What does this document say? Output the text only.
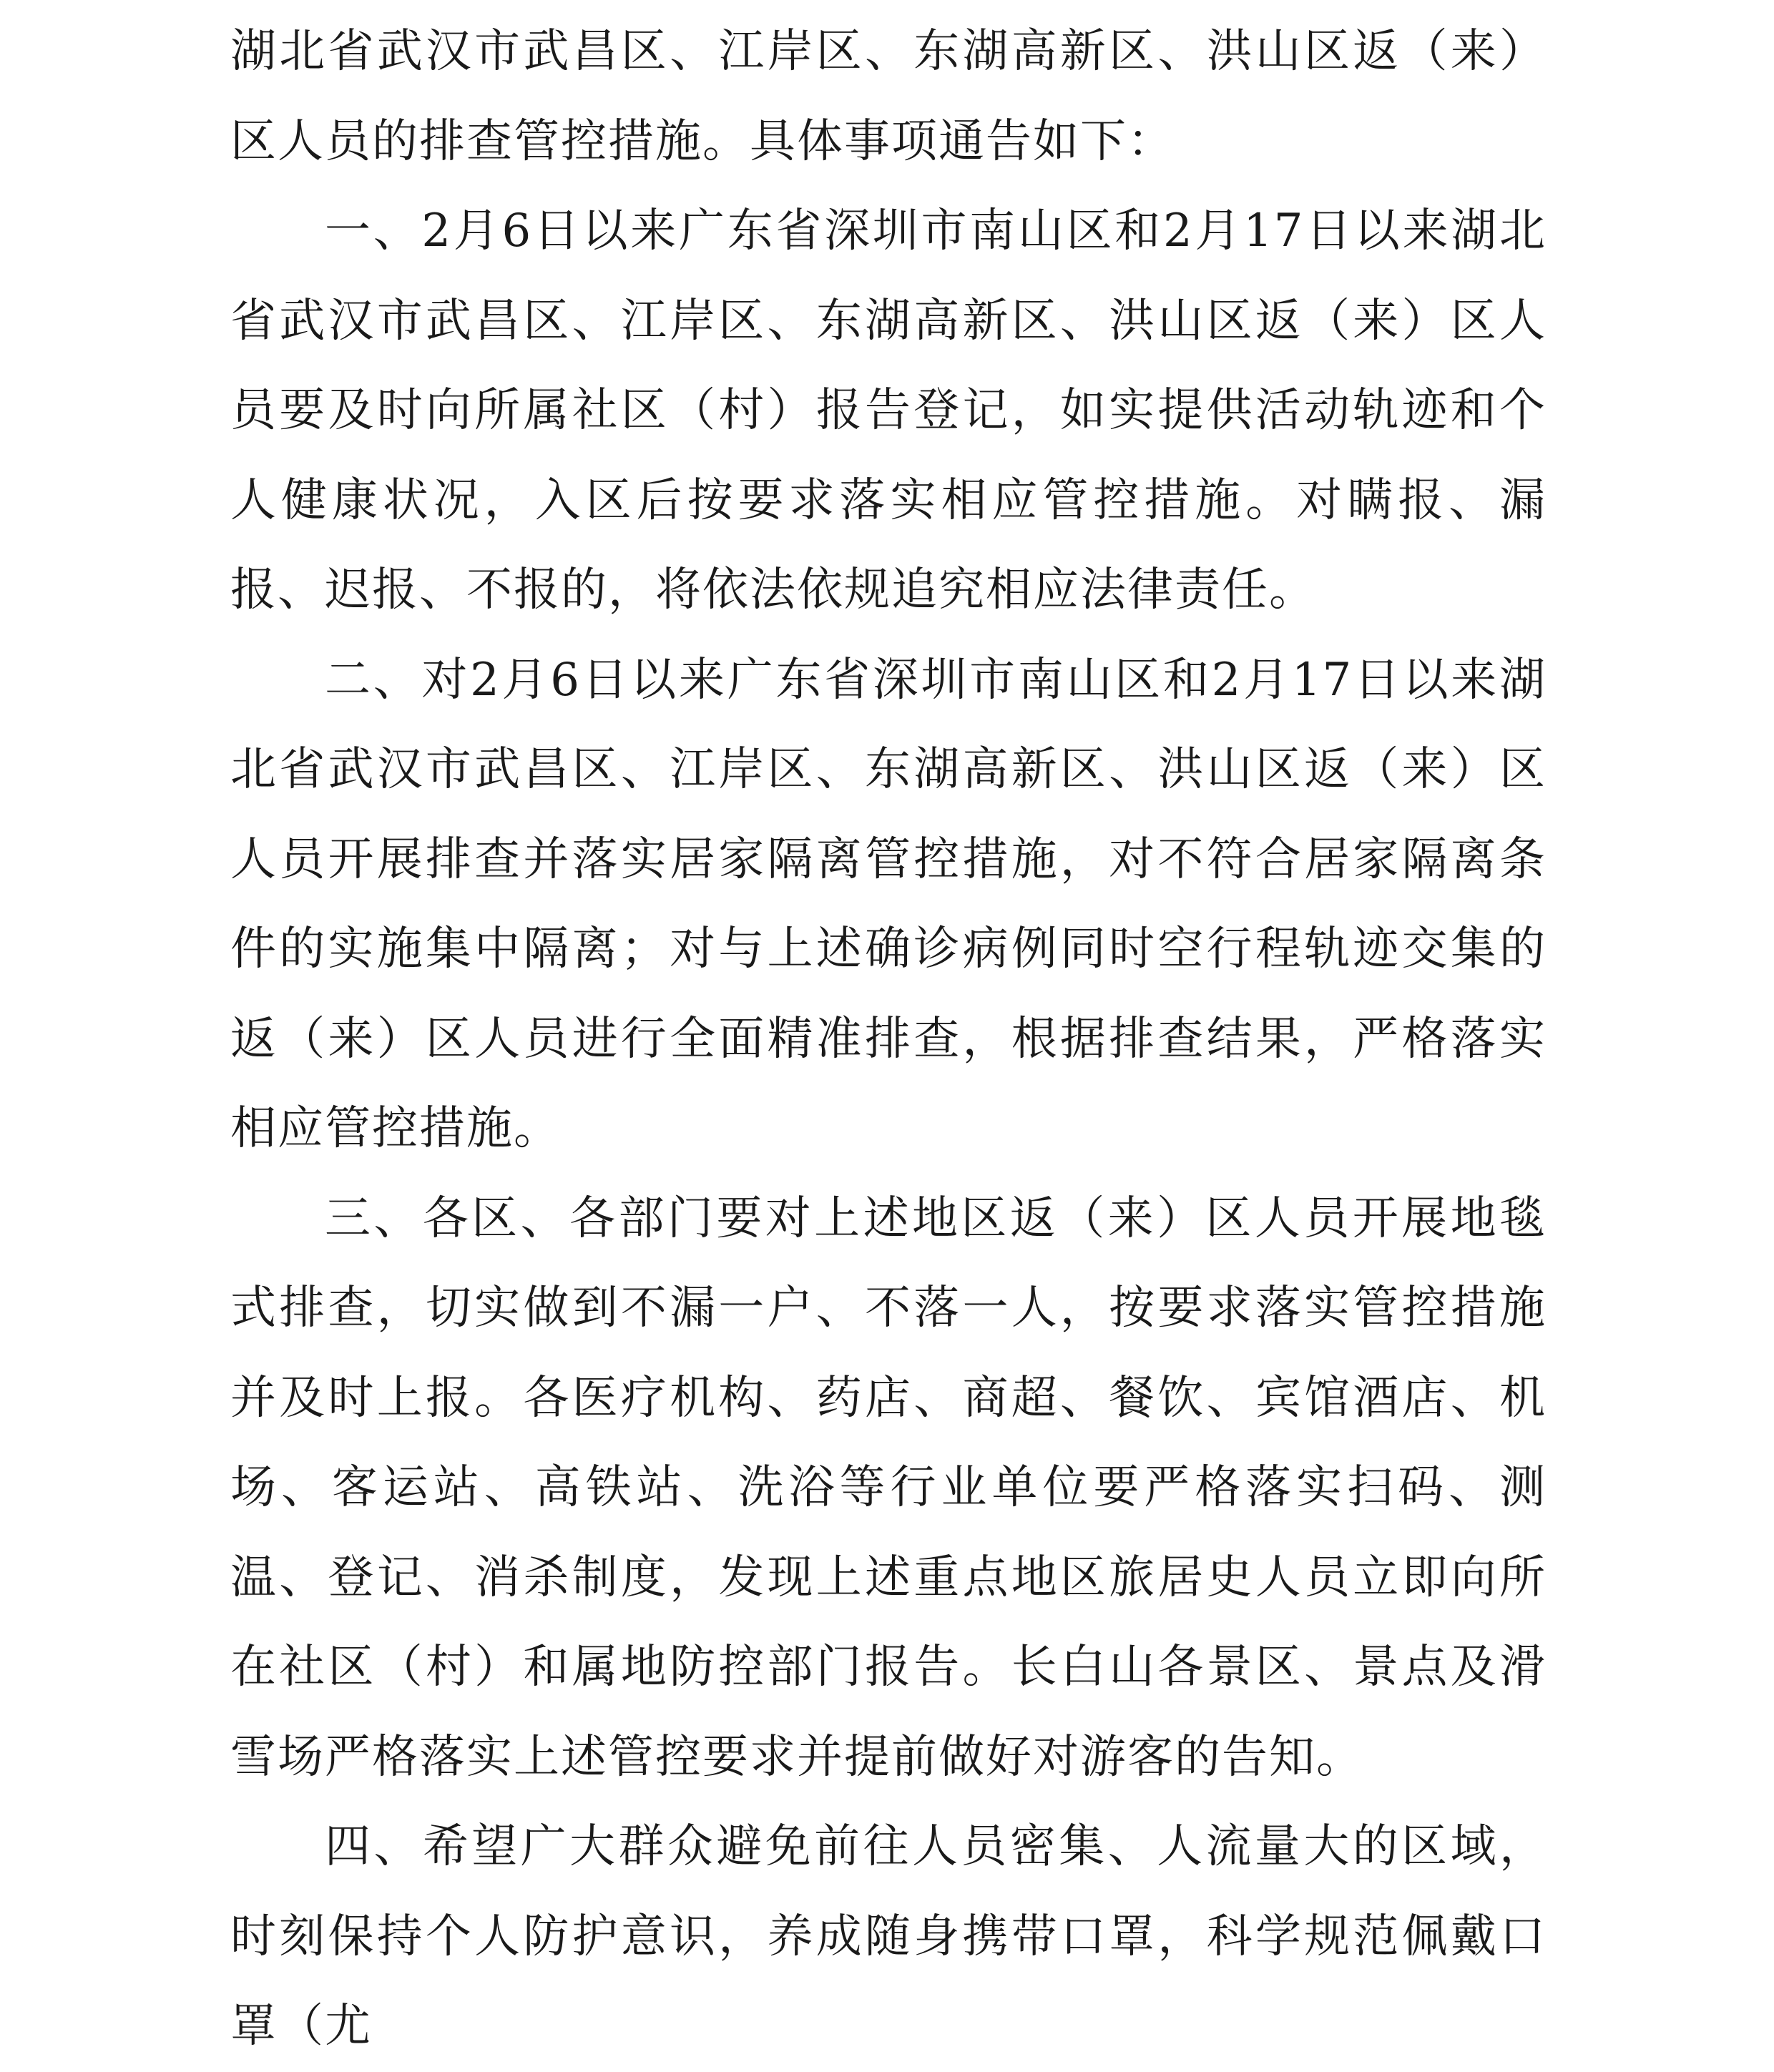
湖北省武汉市武昌区、江岸区、东湖高新区、洪山区返（来）区人员的排查管控措施。具体事项通告如下：

一、2月6日以来广东省深圳市南山区和2月17日以来湖北省武汉市武昌区、江岸区、东湖高新区、洪山区返（来）区人员要及时向所属社区（村）报告登记，如实提供活动轨迹和个人健康状况，入区后按要求落实相应管控措施。对瞒报、漏报、迟报、不报的，将依法依规追究相应法律责任。

二、对2月6日以来广东省深圳市南山区和2月17日以来湖北省武汉市武昌区、江岸区、东湖高新区、洪山区返（来）区人员开展排查并落实居家隔离管控措施，对不符合居家隔离条件的实施集中隔离；对与上述确诊病例同时空行程轨迹交集的返（来）区人员进行全面精准排查，根据排查结果，严格落实相应管控措施。

三、各区、各部门要对上述地区返（来）区人员开展地毯式排查，切实做到不漏一户、不落一人，按要求落实管控措施并及时上报。各医疗机构、药店、商超、餐饮、宾馆酒店、机场、客运站、高铁站、洗浴等行业单位要严格落实扫码、测温、登记、消杀制度，发现上述重点地区旅居史人员立即向所在社区（村）和属地防控部门报告。长白山各景区、景点及滑雪场严格落实上述管控要求并提前做好对游客的告知。

四、希望广大群众避免前往人员密集、人流量大的区域，时刻保持个人防护意识，养成随身携带口罩，科学规范佩戴口罩（尤
